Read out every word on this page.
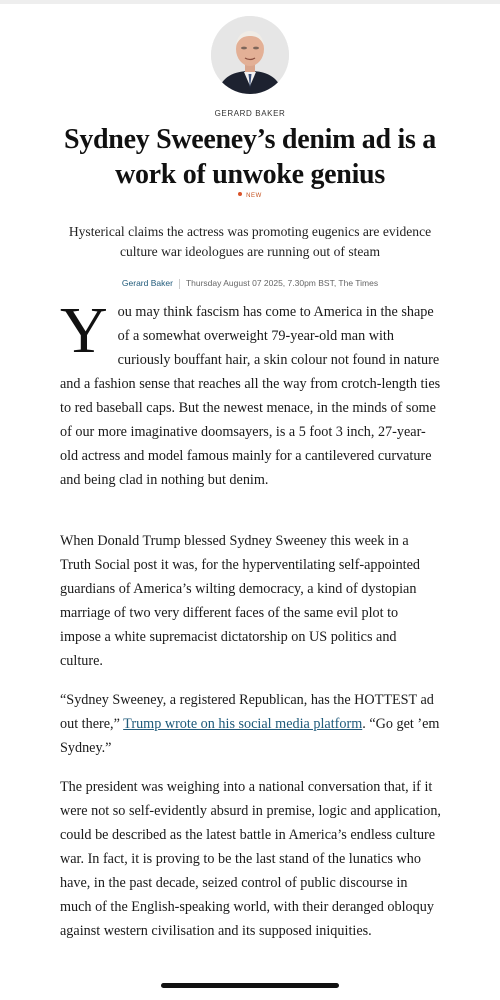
GERARD BAKER
Sydney Sweeney’s denim ad is a work of unwoke genius
NEW

Hysterical claims the actress was promoting eugenics are evidence culture war ideologues are running out of steam

Gerard Baker Thursday August 07 2025, 7.30pm BST, The Times

You may think fascism has come to America in the shape of a somewhat overweight 79-year-old man with curiously bouffant hair, a skin colour not found in nature and a fashion sense that reaches all the way from crotch-length ties to red baseball caps. But the newest menace, in the minds of some of our more imaginative doomsayers, is a 5 foot 3 inch, 27-year-old actress and model famous mainly for a cantilevered curvature and being clad in nothing but denim.

When Donald Trump blessed Sydney Sweeney this week in a Truth Social post it was, for the hyperventilating self-appointed guardians of America’s wilting democracy, a kind of dystopian marriage of two very different faces of the same evil plot to impose a white supremacist dictatorship on US politics and culture.

“Sydney Sweeney, a registered Republican, has the HOTTEST ad out there,” Trump wrote on his social media platform. “Go get ’em Sydney.”

The president was weighing into a national conversation that, if it were not so self-evidently absurd in premise, logic and application, could be described as the latest battle in America’s endless culture war. In fact, it is proving to be the last stand of the lunatics who have, in the past decade, seized control of public discourse in much of the English-speaking world, with their deranged obloquy against western civilisation and its supposed iniquities.
